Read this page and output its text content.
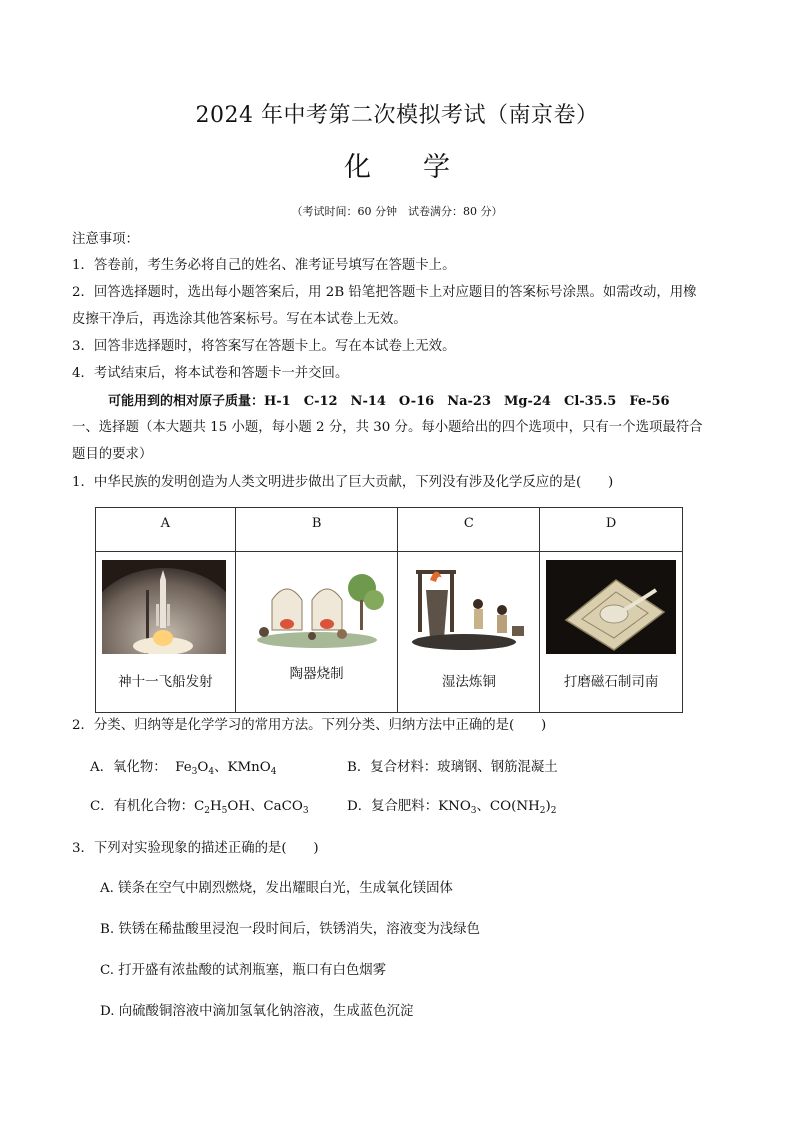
2024 年中考第二次模拟考试（南京卷）
化学
（考试时间：60 分钟　试卷满分：80 分）
注意事项：
1．答卷前，考生务必将自己的姓名、准考证号填写在答题卡上。
2．回答选择题时，选出每小题答案后，用 2B 铅笔把答题卡上对应题目的答案标号涂黑。如需改动，用橡
皮擦干净后，再选涂其他答案标号。写在本试卷上无效。
3．回答非选择题时，将答案写在答题卡上。写在本试卷上无效。
4．考试结束后，将本试卷和答题卡一并交回。
可能用到的相对原子质量：H-1　C-12　N-14　O-16　Na-23　Mg-24　Cl-35.5　Fe-56
一、选择题（本大题共 15 小题，每小题 2 分，共 30 分。每小题给出的四个选项中，只有一个选项最符合
题目的要求）
1．中华民族的发明创造为人类文明进步做出了巨大贡献，下列没有涉及化学反应的是(　　)
A	B	C	D

神十一飞船发射	陶器烧制	湿法炼铜	打磨磁石制司南
2．分类、归纳等是化学学习的常用方法。下列分类、归纳方法中正确的是(　　)
A．氧化物：  $Fe_3O_4$、KMnO$_4$	B．复合材料：玻璃钢、钢筋混凝土
C．有机化合物：$C_2H_5OH$、CaCO$_3$	D．复合肥料：$KNO_3$、$CO(NH_2)_2$
3．下列对实验现象的描述正确的是(　　)
A. 镁条在空气中剧烈燃烧，发出耀眼白光，生成氧化镁固体
B. 铁锈在稀盐酸里浸泡一段时间后，铁锈消失，溶液变为浅绿色
C. 打开盛有浓盐酸的试剂瓶塞，瓶口有白色烟雾
D. 向硫酸铜溶液中滴加氢氧化钠溶液，生成蓝色沉淀
